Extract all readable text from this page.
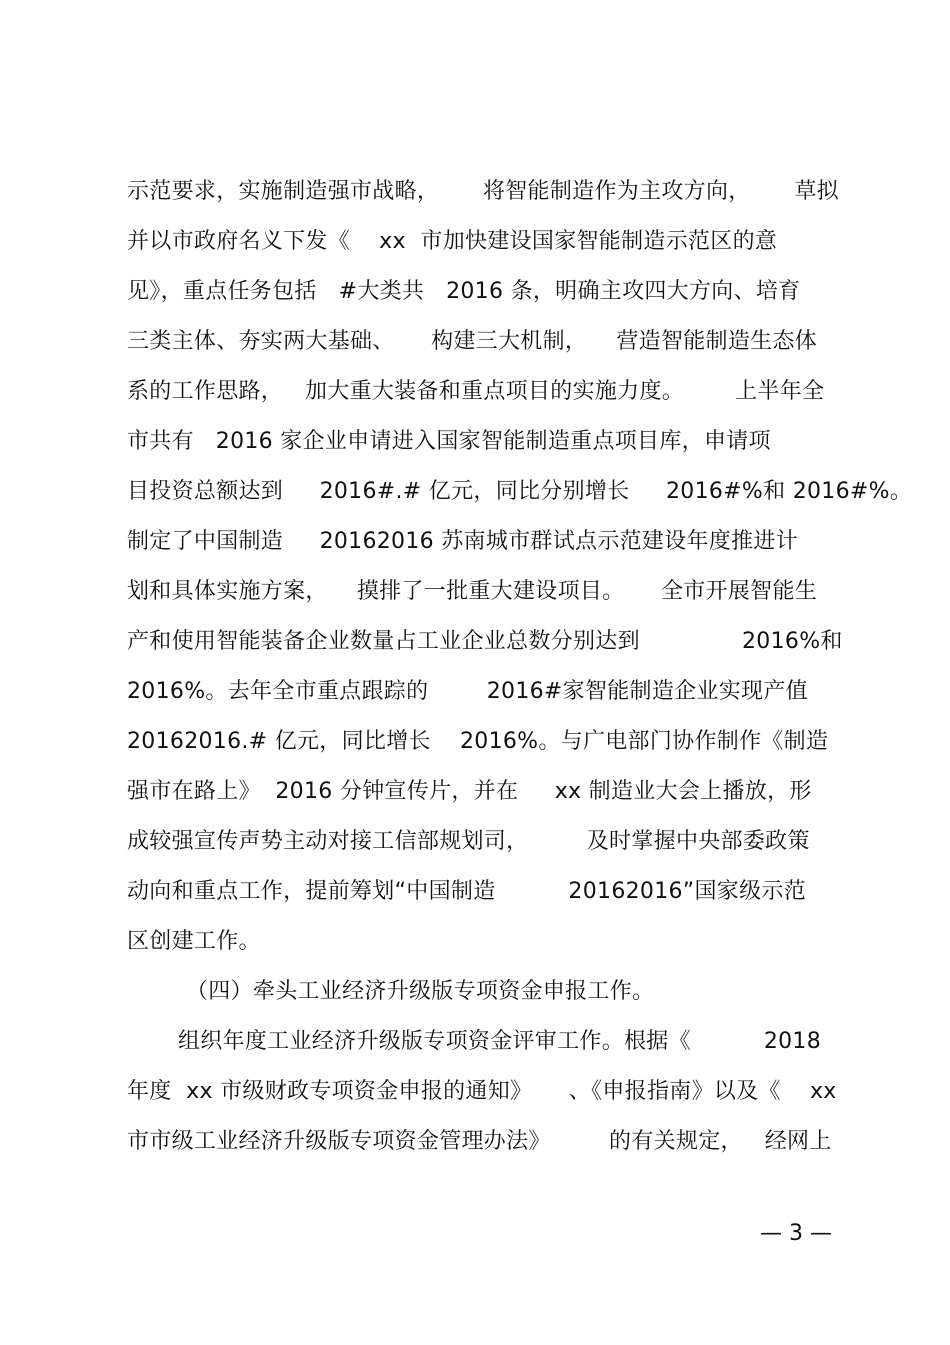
示范要求，实施制造强市战略，      将智能制造作为主攻方向，      草拟
并以市政府名义下发《    xx  市加快建设国家智能制造示范区的意
见》，重点任务包括   #大类共   2016 条，明确主攻四大方向、培育
三类主体、夯实两大基础、     构建三大机制，    营造智能制造生态体
系的工作思路，   加大重大装备和重点项目的实施力度。       上半年全
市共有   2016 家企业申请进入国家智能制造重点项目库，申请项
目投资总额达到     2016#.# 亿元，同比分别增长     2016#%和 2016#%。
制定了中国制造     20162016 苏南城市群试点示范建设年度推进计
划和具体实施方案，    摸排了一批重大建设项目。     全市开展智能生
产和使用智能装备企业数量占工业企业总数分别达到              2016%和
2016%。去年全市重点跟踪的        2016#家智能制造企业实现产值
20162016.# 亿元，同比增长    2016%。与广电部门协作制作《制造
强市在路上》  2016 分钟宣传片，并在     xx 制造业大会上播放，形
成较强宣传声势主动对接工信部规划司，        及时掌握中央部委政策
动向和重点工作，提前筹划“中国制造          20162016”国家级示范
区创建工作。
（四）牵头工业经济升级版专项资金申报工作。
组织年度工业经济升级版专项资金评审工作。根据《          2018
年度  xx 市级财政专项资金申报的通知》     、《申报指南》以及《    xx
市市级工业经济升级版专项资金管理办法》        的有关规定，   经网上
— 3 —
